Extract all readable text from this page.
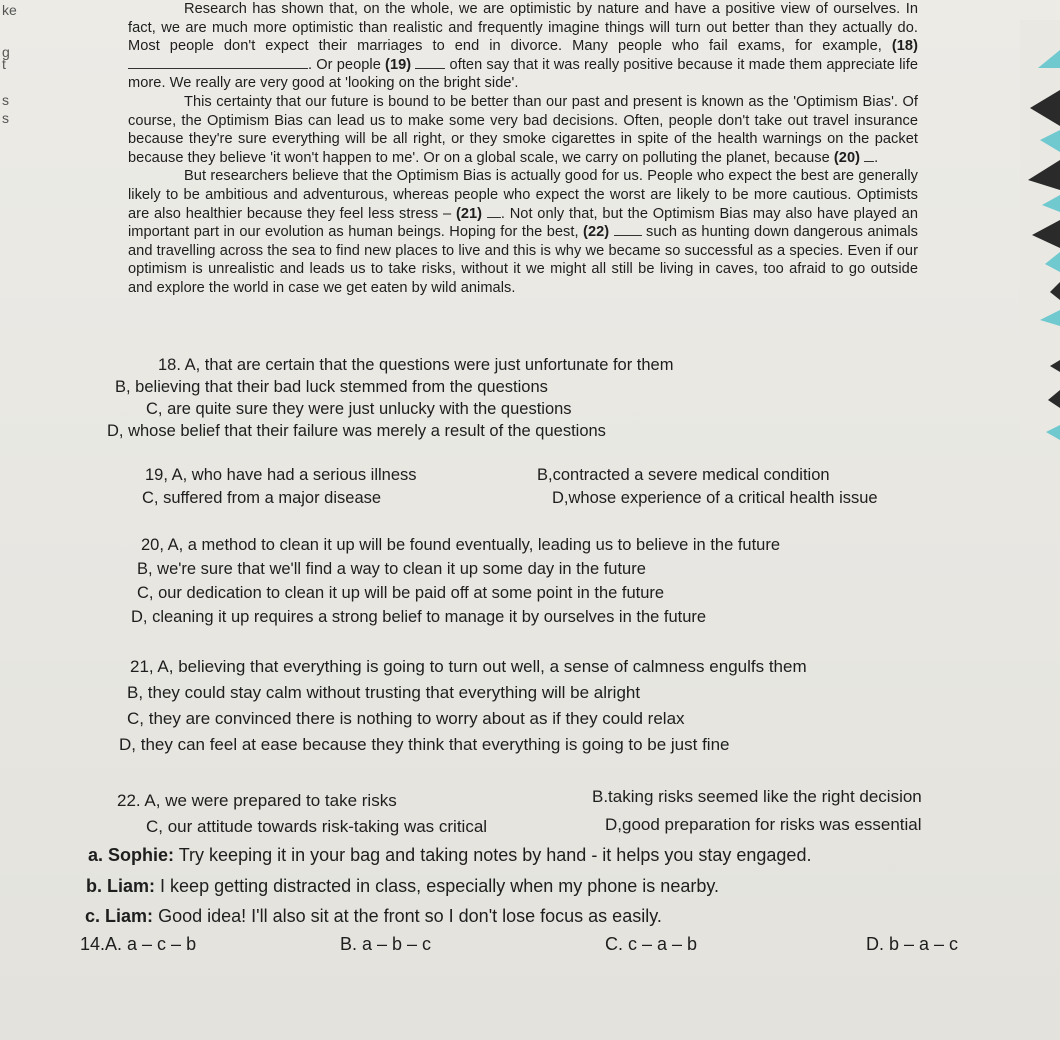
ke
g
t
s
s

Research has shown that, on the whole, we are optimistic by nature and have a positive view of ourselves. In fact, we are much more optimistic than realistic and frequently imagine things will turn out better than they actually do. Most people don't expect their marriages to end in divorce. Many people who fail exams, for example, (18) . Or people (19)	often say that it was really positive because it made them appreciate life more. We really are very good at 'looking on the bright side'.

This certainty that our future is bound to be better than our past and present is known as the 'Optimism Bias'. Of course, the Optimism Bias can lead us to make some very bad decisions. Often, people don't take out travel insurance because they're sure everything will be all right, or they smoke cigarettes in spite of the health warnings on the packet because they believe 'it won't happen to me'. Or on a global scale, we carry on polluting the planet, because (20) .

But researchers believe that the Optimism Bias is actually good for us. People who expect the best are generally likely to be ambitious and adventurous, whereas people who expect the worst are likely to be more cautious. Optimists are also healthier because they feel less stress – (21) . Not only that, but the Optimism Bias may also have played an important part in our evolution as human beings. Hoping for the best, (22)	such as hunting down dangerous animals and travelling across the sea to find new places to live and this is why we became so successful as a species. Even if our optimism is unrealistic and leads us to take risks, without it we might all still be living in caves, too afraid to go outside and explore the world in case we get eaten by wild animals.

18. A, that are certain that the questions were just unfortunate for them
B, believing that their bad luck stemmed from the questions
C, are quite sure they were just unlucky with the questions
D, whose belief that their failure was merely a result of the questions
19, A, who have had a serious illness	B,contracted a severe medical condition
C, suffered from a major disease	D,whose experience of a critical health issue
20, A, a method to clean it up will be found eventually, leading us to believe in the future
B, we're sure that we'll find a way to clean it up some day in the future
C, our dedication to clean it up will be paid off at some point in the future
D, cleaning it up requires a strong belief to manage it by ourselves in the future
21, A, believing that everything is going to turn out well, a sense of calmness engulfs them
B, they could stay calm without trusting that everything will be alright
C, they are convinced there is nothing to worry about as if they could relax
D, they can feel at ease because they think that everything is going to be just fine
22. A, we were prepared to take risks	B.taking risks seemed like the right decision
C, our attitude towards risk-taking was critical	D,good preparation for risks was essential
a. Sophie: Try keeping it in your bag and taking notes by hand - it helps you stay engaged.
b. Liam: I keep getting distracted in class, especially when my phone is nearby.
c. Liam: Good idea! I'll also sit at the front so I don't lose focus as easily.
14.A. a – c – b	B. a – b – c	C. c – a – b	D. b – a – c
